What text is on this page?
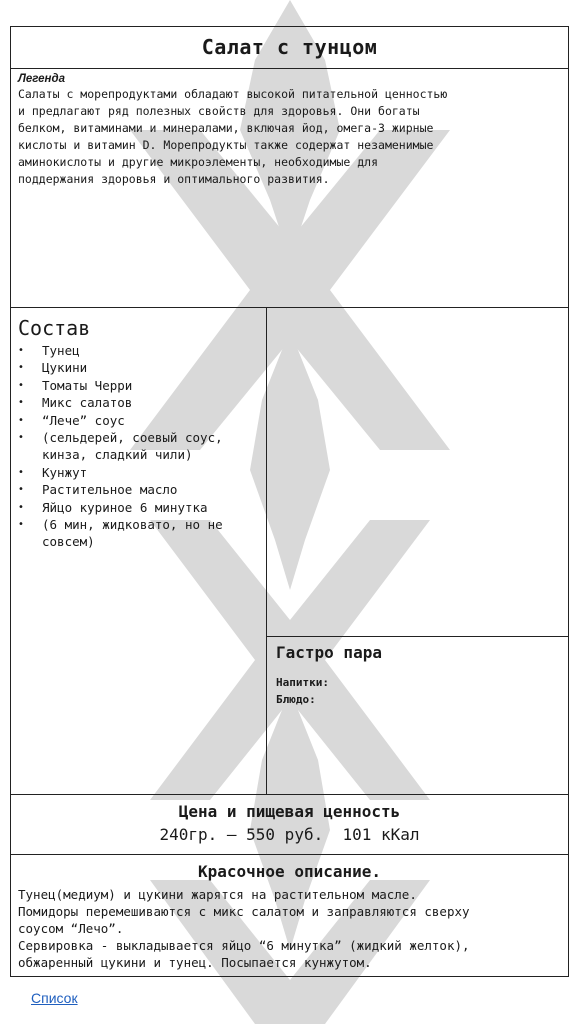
Салат с тунцом
Легенда
Салаты с морепродуктами обладают высокой питательной ценностью
и предлагают ряд полезных свойств для здоровья. Они богаты
белком, витаминами и минералами, включая йод, омега-3 жирные
кислоты и витамин D. Морепродукты также содержат незаменимые
аминокислоты и другие микроэлементы, необходимые для
поддержания здоровья и оптимального развития.
Состав
• Тунец
• Цукини
• Томаты Черри
• Микс салатов
• “Лече” соус
• (сельдерей, соевый соус, кинза, сладкий чили)
• Кунжут
• Растительное масло
• Яйцо куриное 6 минутка
• (6 мин, жидковато, но не совсем)
Гастро пара
Напитки:
Блюдо:
Цена и пищевая ценность
240гр. – 550 руб.  101 кКал
Красочное описание.
Тунец(медиум) и цукини жарятся на растительном масле.
Помидоры перемешиваются с микс салатом и заправляются сверху
соусом “Лечо”.
Сервировка - выкладывается яйцо “6 минутка” (жидкий желток),
обжаренный цукини и тунец. Посыпается кунжутом.
Список
